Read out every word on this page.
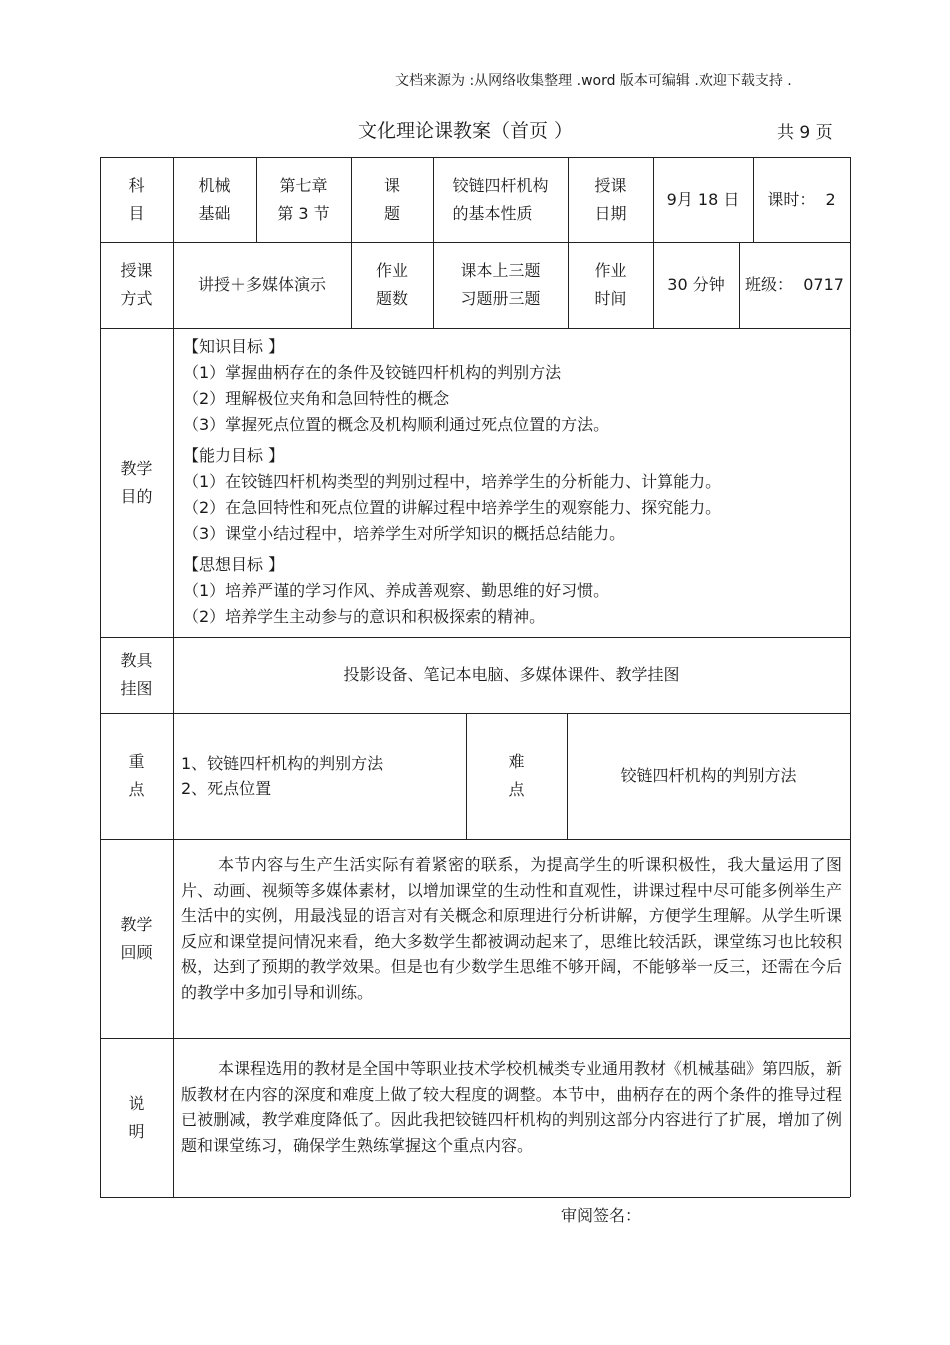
文档来源为 :从网络收集整理 .word 版本可编辑 .欢迎下载支持 .
文化理论课教案（首页 ）	共 9 页
科
目
机械
基础
第七章
第 3 节
课
题
铰链四杆机构
的基本性质
授课
日期
9月 18 日 课时：  2
授课
方式
讲授＋多媒体演示
作业
题数
课本上三题
习题册三题
作业
时间
30 分钟 班级：  0717
教学
目的
【知识目标 】
（1）掌握曲柄存在的条件及铰链四杆机构的判别方法
（2）理解极位夹角和急回特性的概念
（3）掌握死点位置的概念及机构顺利通过死点位置的方法。
【能力目标 】
（1）在铰链四杆机构类型的判别过程中，培养学生的分析能力、计算能力。
（2）在急回特性和死点位置的讲解过程中培养学生的观察能力、探究能力。
（3）课堂小结过程中，培养学生对所学知识的概括总结能力。
【思想目标 】
（1）培养严谨的学习作风、养成善观察、勤思维的好习惯。
（2）培养学生主动参与的意识和积极探索的精神。
教具
挂图
投影设备、笔记本电脑、多媒体课件、教学挂图
重
点
1、铰链四杆机构的判别方法
2、死点位置
难
点
铰链四杆机构的判别方法
教学
回顾

本节内容与生产生活实际有着紧密的联系，为提高学生的听课积极性，我大量运用了图片、动画、视频等多媒体素材，以增加课堂的生动性和直观性，讲课过程中尽可能多例举生产生活中的实例，用最浅显的语言对有关概念和原理进行分析讲解，方便学生理解。从学生听课反应和课堂提问情况来看，绝大多数学生都被调动起来了，思维比较活跃，课堂练习也比较积极，达到了预期的教学效果。但是也有少数学生思维不够开阔，不能够举一反三，还需在今后的教学中多加引导和训练。

说
明

本课程选用的教材是全国中等职业技术学校机械类专业通用教材《机械基础》第四版，新版教材在内容的深度和难度上做了较大程度的调整。本节中，曲柄存在的两个条件的推导过程已被删减，教学难度降低了。因此我把铰链四杆机构的判别这部分内容进行了扩展，增加了例题和课堂练习，确保学生熟练掌握这个重点内容。

审阅签名：
